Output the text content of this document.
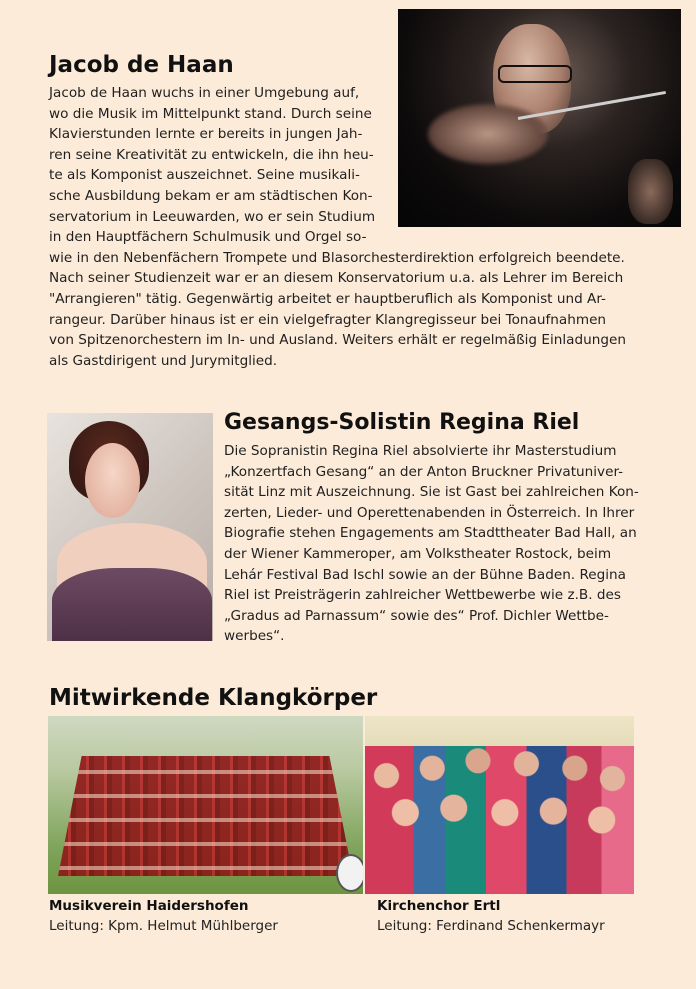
Jacob de Haan
Jacob de Haan wuchs in einer Umgebung auf,
wo die Musik im Mittelpunkt stand. Durch seine
Klavierstunden lernte er bereits in jungen Jah-
ren seine Kreativität zu entwickeln, die ihn heu-
te als Komponist auszeichnet. Seine musikali-
sche Ausbildung bekam er am städtischen Kon-
servatorium in Leeuwarden, wo er sein Studium
in den Hauptfächern Schulmusik und Orgel so-
wie in den Nebenfächern Trompete und Blasorchesterdirektion erfolgreich beendete.
Nach seiner Studienzeit war er an diesem Konservatorium u.a. als Lehrer im Bereich
"Arrangieren" tätig. Gegenwärtig arbeitet er hauptberuflich als Komponist und Ar-
rangeur. Darüber hinaus ist er ein vielgefragter Klangregisseur bei Tonaufnahmen
von Spitzenorchestern im In- und Ausland. Weiters erhält er regelmäßig Einladungen
als Gastdirigent und Jurymitglied.
Gesangs-Solistin Regina Riel
Die Sopranistin Regina Riel absolvierte ihr Masterstudium
„Konzertfach Gesang“ an der Anton Bruckner Privatuniver-
sität Linz mit Auszeichnung. Sie ist Gast bei zahlreichen Kon-
zerten, Lieder- und Operettenabenden in Österreich. In Ihrer
Biografie stehen Engagements am Stadttheater Bad Hall, an
der Wiener Kammeroper, am Volkstheater Rostock, beim
Lehár Festival Bad Ischl sowie an der Bühne Baden. Regina
Riel ist Preisträgerin zahlreicher Wettbewerbe wie z.B. des
„Gradus ad Parnassum“ sowie des“ Prof. Dichler Wettbe-
werbes“.
Mitwirkende Klangkörper

Musikverein Haidershofen

Leitung: Kpm. Helmut Mühlberger

Kirchenchor Ertl

Leitung: Ferdinand Schenkermayr
